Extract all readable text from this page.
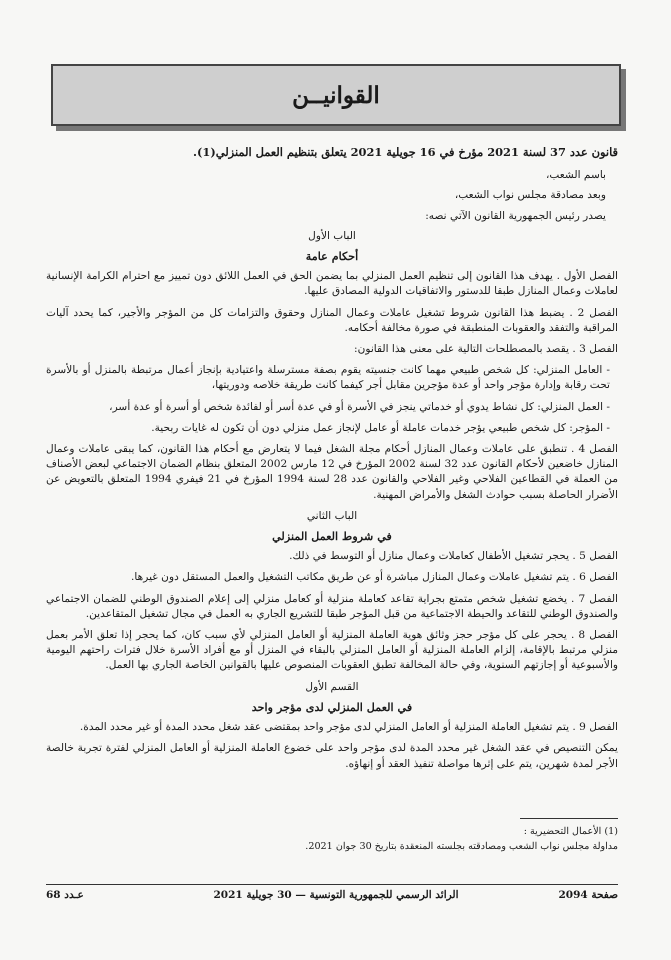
القوانيــن

قانون عدد 37 لسنة 2021 مؤرخ في 16 جويلية 2021 يتعلق بتنظيم العمل المنزلي(1).

باسم الشعب،

وبعد مصادقة مجلس نواب الشعب،

يصدر رئيس الجمهورية القانون الآتي نصه:

الباب الأول

أحكام عامة

الفصل الأول . يهدف هذا القانون إلى تنظيم العمل المنزلي بما يضمن الحق في العمل اللائق دون تمييز مع احترام الكرامة الإنسانية لعاملات وعمال المنازل طبقا للدستور والاتفاقيات الدولية المصادق عليها.

الفصل 2 . يضبط هذا القانون شروط تشغيل عاملات وعمال المنازل وحقوق والتزامات كل من المؤجر والأجير، كما يحدد آليات المراقبة والتفقد والعقوبات المنطبقة في صورة مخالفة أحكامه.

الفصل 3 . يقصد بالمصطلحات التالية على معنى هذا القانون:

- العامل المنزلي: كل شخص طبيعي مهما كانت جنسيته يقوم بصفة مسترسلة واعتيادية بإنجاز أعمال مرتبطة بالمنزل أو بالأسرة تحت رقابة وإدارة مؤجر واحد أو عدة مؤجرين مقابل أجر كيفما كانت طريقة خلاصه ودوريتها،

- العمل المنزلي: كل نشاط يدوي أو خدماتي ينجز في الأسرة أو في عدة أسر أو لفائدة شخص أو أسرة أو عدة أسر،

- المؤجر: كل شخص طبيعي يؤجر خدمات عاملة أو عامل لإنجاز عمل منزلي دون أن تكون له غايات ربحية.

الفصل 4 . تنطبق على عاملات وعمال المنازل أحكام مجلة الشغل فيما لا يتعارض مع أحكام هذا القانون، كما يبقى عاملات وعمال المنازل خاضعين لأحكام القانون عدد 32 لسنة 2002 المؤرخ في 12 مارس 2002 المتعلق بنظام الضمان الاجتماعي لبعض الأصناف من العملة في القطاعين الفلاحي وغير الفلاحي والقانون عدد 28 لسنة 1994 المؤرخ في 21 فيفري 1994 المتعلق بالتعويض عن الأضرار الحاصلة بسبب حوادث الشغل والأمراض المهنية.

الباب الثاني

في شروط العمل المنزلي

الفصل 5 . يحجر تشغيل الأطفال كعاملات وعمال منازل أو التوسط في ذلك.

الفصل 6 . يتم تشغيل عاملات وعمال المنازل مباشرة أو عن طريق مكاتب التشغيل والعمل المستقل دون غيرها.

الفصل 7 . يخضع تشغيل شخص متمتع بجراية تقاعد كعاملة منزلية أو كعامل منزلي إلى إعلام الصندوق الوطني للضمان الاجتماعي والصندوق الوطني للتقاعد والحيطة الاجتماعية من قبل المؤجر طبقا للتشريع الجاري به العمل في مجال تشغيل المتقاعدين.

الفصل 8 . يحجر على كل مؤجر حجز وثائق هوية العاملة المنزلية أو العامل المنزلي لأي سبب كان، كما يحجر إذا تعلق الأمر بعمل منزلي مرتبط بالإقامة، إلزام العاملة المنزلية أو العامل المنزلي بالبقاء في المنزل أو مع أفراد الأسرة خلال فترات راحتهم اليومية والأسبوعية أو إجازتهم السنوية، وفي حالة المخالفة تطبق العقوبات المنصوص عليها بالقوانين الخاصة الجاري بها العمل.

القسم الأول

في العمل المنزلي لدى مؤجر واحد

الفصل 9 . يتم تشغيل العاملة المنزلية أو العامل المنزلي لدى مؤجر واحد بمقتضى عقد شغل محدد المدة أو غير محدد المدة.

يمكن التنصيص في عقد الشغل غير محدد المدة لدى مؤجر واحد على خضوع العاملة المنزلية أو العامل المنزلي لفترة تجربة خالصة الأجر لمدة شهرين، يتم على إثرها مواصلة تنفيذ العقد أو إنهاؤه.

(1) الأعمال التحضيرية :
مداولة مجلس نواب الشعب ومصادقته بجلسته المنعقدة بتاريخ 30 جوان 2021.
صفحة 2094
الرائد الرسمي للجمهورية التونسية — 30 جويلية 2021
عـدد 68
